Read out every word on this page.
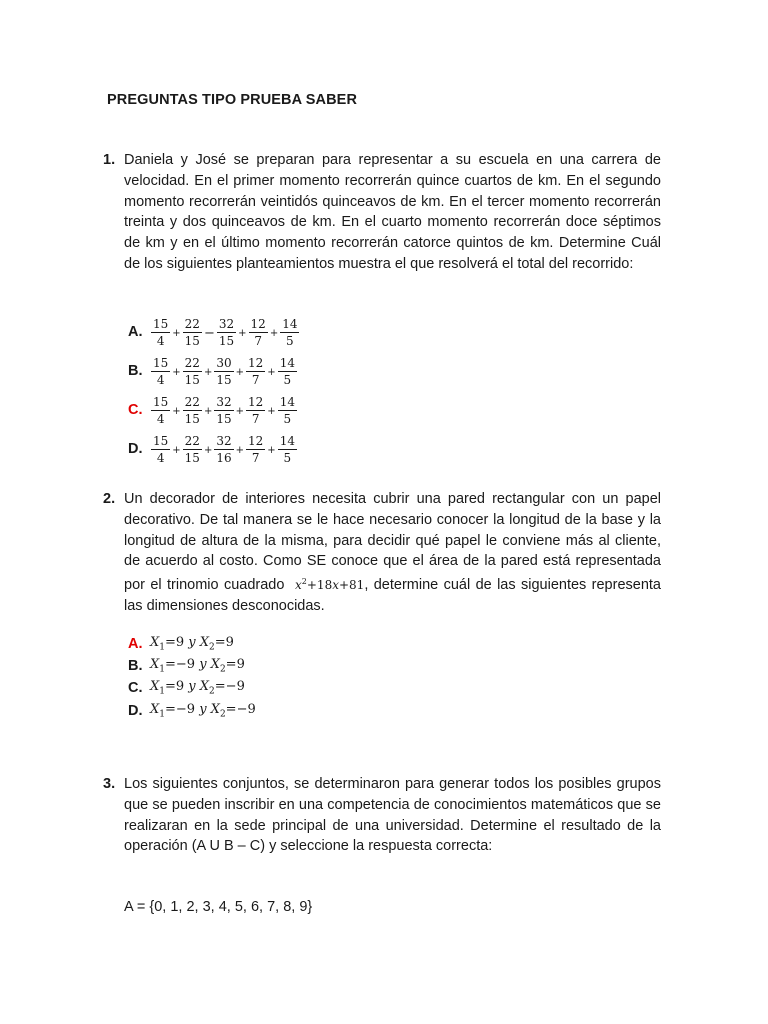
PREGUNTAS TIPO PRUEBA SABER
1. Daniela y José se preparan para representar a su escuela en una carrera de velocidad. En el primer momento recorrerán quince cuartos de km. En el segundo momento recorrerán veintidós quinceavos de km. En el tercer momento recorrerán treinta y dos quinceavos de km. En el cuarto momento recorrerán doce séptimos de km y en el último momento recorrerán catorce quintos de km. Determine Cuál de los siguientes planteamientos muestra el que resolverá el total del recorrido:
A. $\frac{15}{4} + \frac{22}{15} - \frac{32}{15} + \frac{12}{7} + \frac{14}{5}$
B. $\frac{15}{4} + \frac{22}{15} + \frac{30}{15} + \frac{12}{7} + \frac{14}{5}$
C. $\frac{15}{4} + \frac{22}{15} + \frac{32}{15} + \frac{12}{7} + \frac{14}{5}$
D. $\frac{15}{4} + \frac{22}{15} + \frac{32}{16} + \frac{12}{7} + \frac{14}{5}$
2. Un decorador de interiores necesita cubrir una pared rectangular con un papel decorativo. De tal manera se le hace necesario conocer la longitud de la base y la longitud de altura de la misma, para decidir qué papel le conviene más al cliente, de acuerdo al costo. Como SE conoce que el área de la pared está representada por el trinomio cuadrado $x^2+18x+81$, determine cuál de las siguientes representa las dimensiones desconocidas.
A. $X_1=9$ y $X_2=9$
B. $X_1=-9$ y $X_2=9$
C. $X_1=9$ y $X_2=-9$
D. $X_1=-9$ y $X_2=-9$
3. Los siguientes conjuntos, se determinaron para generar todos los posibles grupos que se pueden inscribir en una competencia de conocimientos matemáticos que se realizaran en la sede principal de una universidad. Determine el resultado de la operación (A U B – C) y seleccione la respuesta correcta:
A = {0, 1, 2, 3, 4, 5, 6, 7, 8, 9}
